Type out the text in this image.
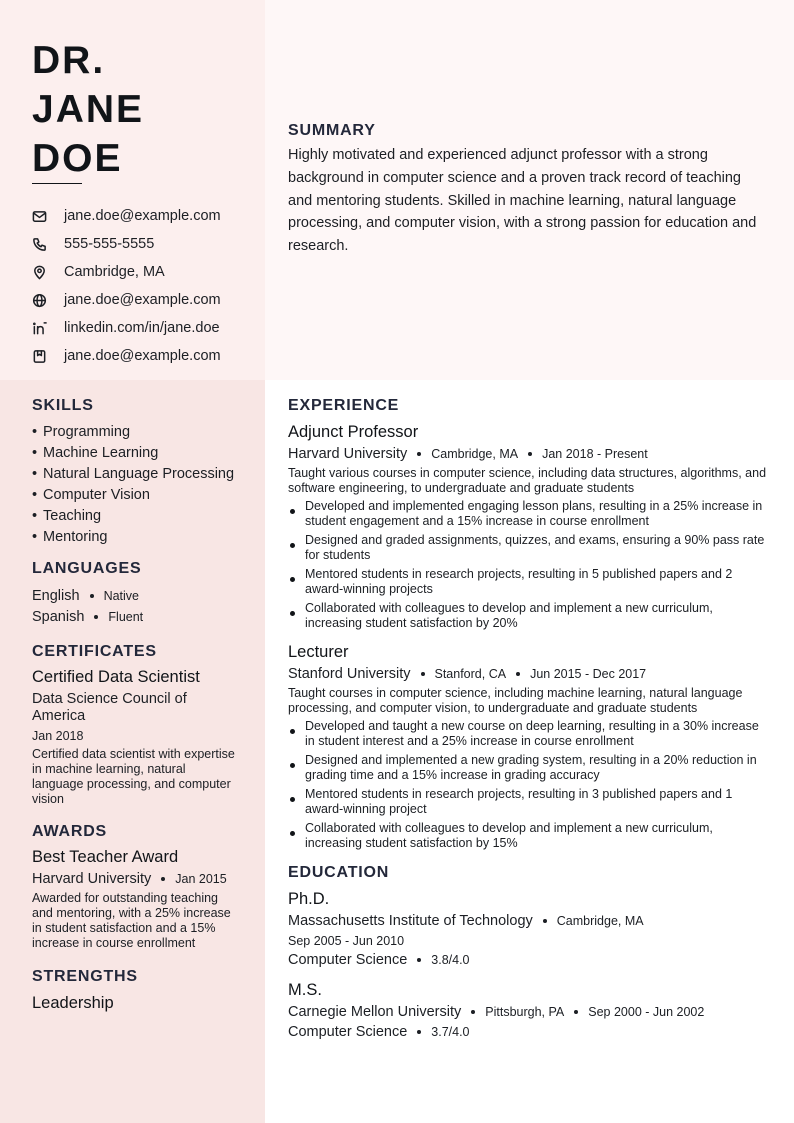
DR.
JANE
DOE
jane.doe@example.com
555-555-5555
Cambridge, MA
jane.doe@example.com
linkedin.com/in/jane.doe
jane.doe@example.com
SUMMARY

Highly motivated and experienced adjunct professor with a strong background in computer science and a proven track record of teaching and mentoring students. Skilled in machine learning, natural language processing, and computer vision, with a strong passion for education and research.

SKILLS
• Programming
• Machine Learning
• Natural Language Processing
• Computer Vision
• Teaching
• Mentoring
LANGUAGES
English Native
Spanish Fluent
CERTIFICATES
Certified Data Scientist
Data Science Council of America
Jan 2018
Certified data scientist with expertise in machine learning, natural language processing, and computer vision
AWARDS
Best Teacher Award
Harvard University Jan 2015
Awarded for outstanding teaching and mentoring, with a 25% increase in student satisfaction and a 15% increase in course enrollment
STRENGTHS
Leadership
EXPERIENCE
Adjunct Professor
Harvard University Cambridge, MA Jan 2018 - Present
Taught various courses in computer science, including data structures, algorithms, and software engineering, to undergraduate and graduate students
Developed and implemented engaging lesson plans, resulting in a 25% increase in student engagement and a 15% increase in course enrollment
Designed and graded assignments, quizzes, and exams, ensuring a 90% pass rate for students
Mentored students in research projects, resulting in 5 published papers and 2 award-winning projects
Collaborated with colleagues to develop and implement a new curriculum, increasing student satisfaction by 20%
Lecturer
Stanford University Stanford, CA Jun 2015 - Dec 2017
Taught courses in computer science, including machine learning, natural language processing, and computer vision, to undergraduate and graduate students
Developed and taught a new course on deep learning, resulting in a 30% increase in student interest and a 25% increase in course enrollment
Designed and implemented a new grading system, resulting in a 20% reduction in grading time and a 15% increase in grading accuracy
Mentored students in research projects, resulting in 3 published papers and 1 award-winning project
Collaborated with colleagues to develop and implement a new curriculum, increasing student satisfaction by 15%
EDUCATION
Ph.D.
Massachusetts Institute of Technology Cambridge, MA
Sep 2005 - Jun 2010
Computer Science 3.8/4.0
M.S.
Carnegie Mellon University Pittsburgh, PA Sep 2000 - Jun 2002
Computer Science 3.7/4.0
